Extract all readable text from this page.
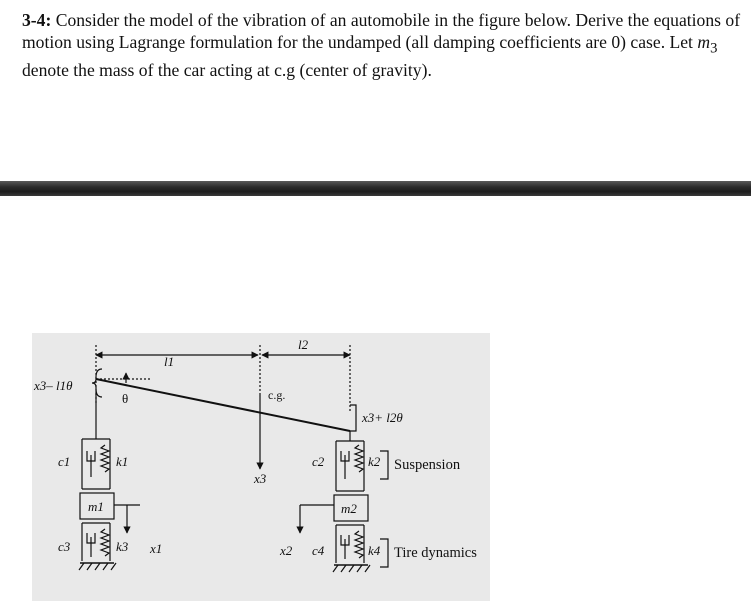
3-4: Consider the model of the vibration of an automobile in the figure below. Derive the equations of motion using Lagrange formulation for the undamped (all damping coefficients are 0) case. Let $m_3$ denote the mass of the car acting at c.g (center of gravity).

l1
l2
θ	c.g.
x3– l1θ
x3+ l2θ
x3
c1	k1
m1
c3	k3 x1
c2	k2
m2
x2 c4	k4
Suspension
Tire dynamics
